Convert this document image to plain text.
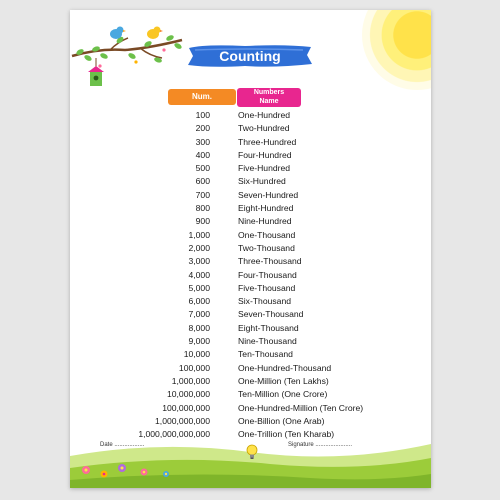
Counting
Num.	Numbers
Name
100	One-Hundred
200	Two-Hundred
300	Three-Hundred
400	Four-Hundred
500	Five-Hundred
600	Six-Hundred
700	Seven-Hundred
800	Eight-Hundred
900	Nine-Hundred
1,000	One-Thousand
2,000	Two-Thousand
3,000	Three-Thousand
4,000	Four-Thousand
5,000	Five-Thousand
6,000	Six-Thousand
7,000	Seven-Thousand
8,000	Eight-Thousand
9,000	Nine-Thousand
10,000	Ten-Thousand
100,000	One-Hundred-Thousand
1,000,000	One-Million (Ten Lakhs)
10,000,000	Ten-Million (One Crore)
100,000,000	One-Hundred-Million (Ten Crore)
1,000,000,000	One-Billion (One Arab)
1,000,000,000,000	One-Trillion (Ten Kharab)
Date ..................	Signature ......................
